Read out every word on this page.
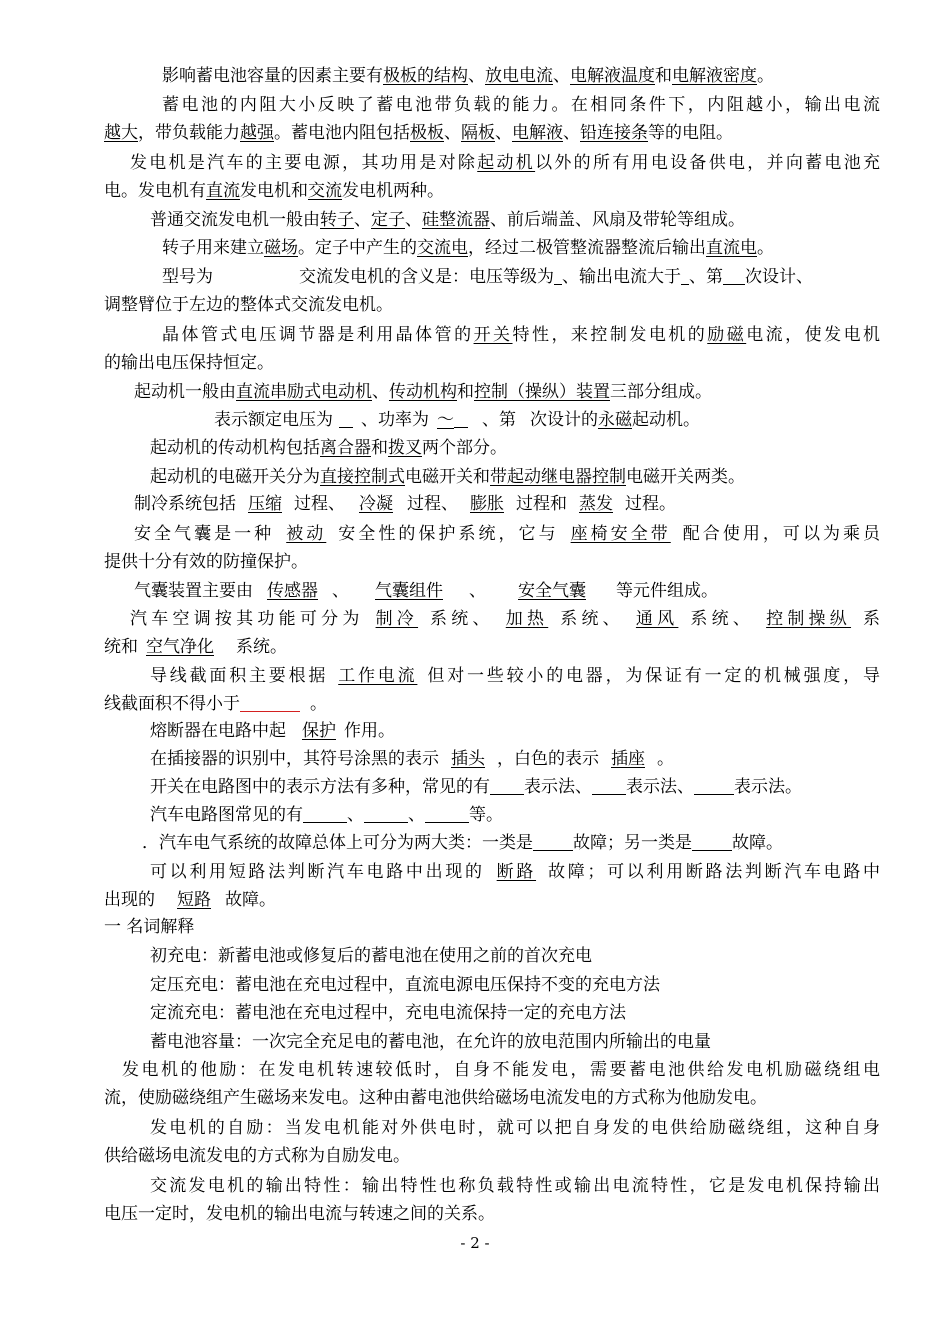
影响蓄电池容量的因素主要有极板的结构、放电电流、电解液温度和电解液密度。
蓄电池的内阻大小反映了蓄电池带负载的能力。在相同条件下，内阻越小，输出电流
越大，带负载能力越强。蓄电池内阻包括极板、隔板、电解液、铅连接条等的电阻。
发电机是汽车的主要电源，其功用是对除起动机以外的所有用电设备供电，并向蓄电池充
电。发电机有直流发电机和交流发电机两种。
普通交流发电机一般由转子、定子、硅整流器、前后端盖、风扇及带轮等组成。
转子用来建立磁场。定子中产生的交流电，经过二极管整流器整流后输出直流电。
型号为	交流发电机的含义是：电压等级为 、输出电流大于 、第 次设计、
调整臂位于左边的整体式交流发电机。
晶体管式电压调节器是利用晶体管的开关特性，来控制发电机的励磁电流，使发电机
的输出电压保持恒定。
起动机一般由直流串励式电动机、传动机构和控制（操纵）装置三部分组成。
表示额定电压为 、功率为 ～ 、第 次设计的永磁起动机。
起动机的传动机构包括离合器和拨叉两个部分。
起动机的电磁开关分为直接控制式电磁开关和带起动继电器控制电磁开关两类。
制冷系统包括 压缩 过程、 冷凝 过程、 膨胀 过程和 蒸发 过程。
安全气囊是一种 被动 安全性的保护系统，它与 座椅安全带 配合使用，可以为乘员
提供十分有效的防撞保护。
气囊装置主要由 传感器 、 气囊组件 、 安全气囊 等元件组成。
汽车空调按其功能可分为 制冷 系统、 加热 系统、 通风 系统、 控制操纵 系
统和 空气净化 系统。
导线截面积主要根据 工作电流 但对一些较小的电器，为保证有一定的机械强度，导
线截面积不得小于	。
熔断器在电路中起 保护 作用。
在插接器的识别中，其符号涂黑的表示 插头 ，白色的表示 插座 。
开关在电路图中的表示方法有多种，常见的有 表示法、 表示法、 表示法。
汽车电路图常见的有	、	、	等。
．汽车电气系统的故障总体上可分为两大类：一类是 故障；另一类是 故障。
可以利用短路法判断汽车电路中出现的 断路 故障；可以利用断路法判断汽车电路中
出现的 短路 故障。
一 名词解释
初充电：新蓄电池或修复后的蓄电池在使用之前的首次充电
定压充电：蓄电池在充电过程中，直流电源电压保持不变的充电方法
定流充电：蓄电池在充电过程中，充电电流保持一定的充电方法
蓄电池容量：一次完全充足电的蓄电池，在允许的放电范围内所输出的电量
发电机的他励：在发电机转速较低时，自身不能发电，需要蓄电池供给发电机励磁绕组电
流，使励磁绕组产生磁场来发电。这种由蓄电池供给磁场电流发电的方式称为他励发电。
发电机的自励：当发电机能对外供电时，就可以把自身发的电供给励磁绕组，这种自身
供给磁场电流发电的方式称为自励发电。
交流发电机的输出特性：输出特性也称负载特性或输出电流特性，它是发电机保持输出
电压一定时，发电机的输出电流与转速之间的关系。
- 2 -
